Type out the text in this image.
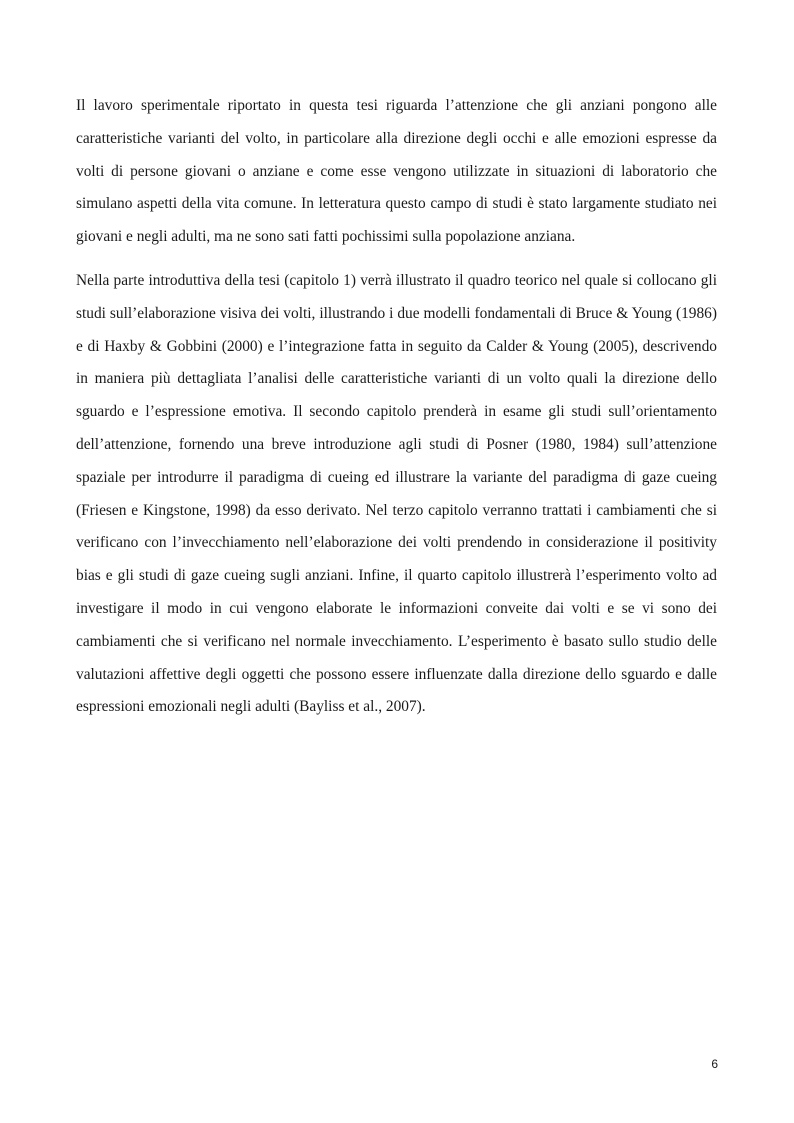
Il lavoro sperimentale riportato in questa tesi riguarda l’attenzione che gli anziani pongono alle caratteristiche varianti del volto, in particolare alla direzione degli occhi e alle emozioni espresse da volti di persone giovani o anziane e come esse vengono utilizzate in situazioni di laboratorio che simulano aspetti della vita comune. In letteratura questo campo di studi è stato largamente studiato nei giovani e negli adulti, ma ne sono sati fatti pochissimi sulla popolazione anziana.

Nella parte introduttiva della tesi (capitolo 1) verrà illustrato il quadro teorico nel quale si collocano gli studi sull’elaborazione visiva dei volti, illustrando i due modelli fondamentali di Bruce & Young (1986) e di Haxby & Gobbini (2000) e l’integrazione fatta in seguito da Calder & Young (2005), descrivendo in maniera più dettagliata l’analisi delle caratteristiche varianti di un volto quali la direzione dello sguardo e l’espressione emotiva. Il secondo capitolo prenderà in esame gli studi sull’orientamento dell’attenzione, fornendo una breve introduzione agli studi di Posner (1980, 1984) sull’attenzione spaziale per introdurre il paradigma di cueing ed illustrare la variante del paradigma di gaze cueing (Friesen e Kingstone, 1998) da esso derivato. Nel terzo capitolo verranno trattati i cambiamenti che si verificano con l’invecchiamento nell’elaborazione dei volti prendendo in considerazione il positivity bias e gli studi di gaze cueing sugli anziani. Infine, il quarto capitolo illustrerà l’esperimento volto ad investigare il modo in cui vengono elaborate le informazioni conveite dai volti e se vi sono dei cambiamenti che si verificano nel normale invecchiamento. L’esperimento è basato sullo studio delle valutazioni affettive degli oggetti che possono essere influenzate dalla direzione dello sguardo e dalle espressioni emozionali negli adulti (Bayliss et al., 2007).

6
